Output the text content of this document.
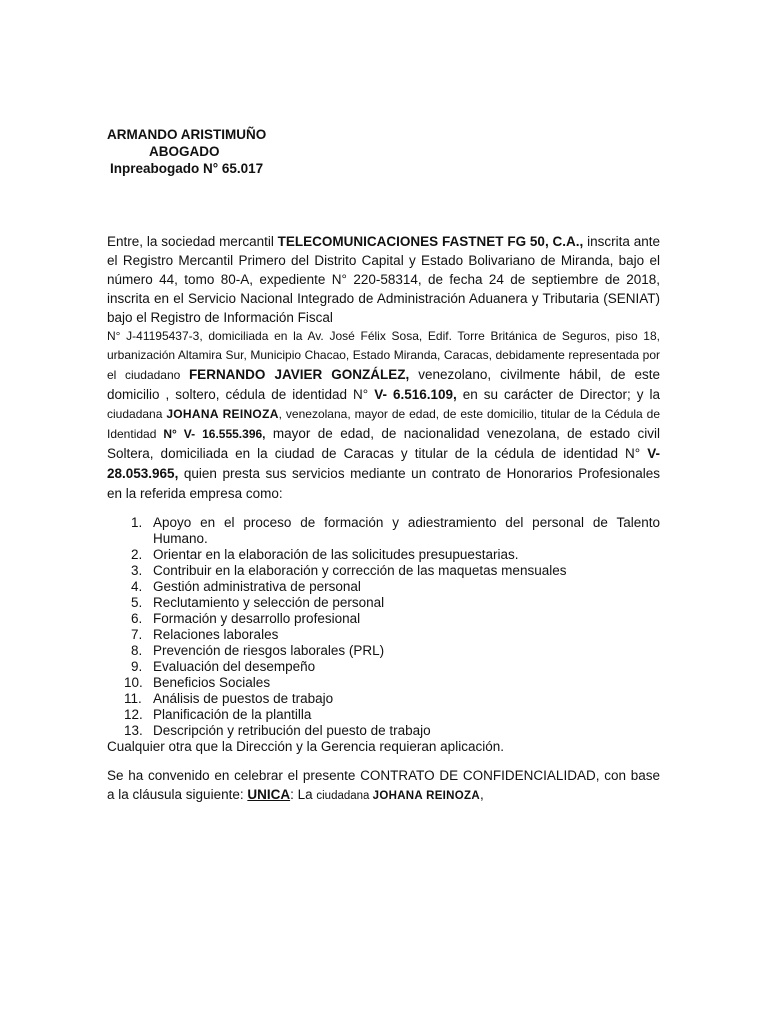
ARMANDO ARISTIMUÑO
ABOGADO
Inpreabogado N° 65.017

Entre, la sociedad mercantil TELECOMUNICACIONES FASTNET FG 50, C.A., inscrita ante el Registro Mercantil Primero del Distrito Capital y Estado Bolivariano de Miranda, bajo el número 44, tomo 80-A, expediente N° 220-58314, de fecha 24 de septiembre de 2018, inscrita en el Servicio Nacional Integrado de Administración Aduanera y Tributaria (SENIAT) bajo el Registro de Información Fiscal

N° J-41195437-3, domiciliada en la Av. José Félix Sosa, Edif. Torre Británica de Seguros, piso 18, urbanización Altamira Sur, Municipio Chacao, Estado Miranda, Caracas, debidamente representada por el ciudadano FERNANDO JAVIER GONZÁLEZ, venezolano, civilmente hábil, de este domicilio , soltero, cédula de identidad N° V- 6.516.109, en su carácter de Director; y la ciudadana JOHANA REINOZA, venezolana, mayor de edad, de este domicilio, titular de la Cédula de Identidad N° V- 16.555.396, mayor de edad, de nacionalidad venezolana, de estado civil Soltera, domiciliada en la ciudad de Caracas y titular de la cédula de identidad N° V- 28.053.965, quien presta sus servicios mediante un contrato de Honorarios Profesionales en la referida empresa como:

1. Apoyo en el proceso de formación y adiestramiento del personal de Talento Humano.
2. Orientar en la elaboración de las solicitudes presupuestarias.
3. Contribuir en la elaboración y corrección de las maquetas mensuales
4. Gestión administrativa de personal
5. Reclutamiento y selección de personal
6. Formación y desarrollo profesional
7. Relaciones laborales
8. Prevención de riesgos laborales (PRL)
9. Evaluación del desempeño
10. Beneficios Sociales
11. Análisis de puestos de trabajo
12. Planificación de la plantilla
13. Descripción y retribución del puesto de trabajo

Cualquier otra que la Dirección y la Gerencia requieran aplicación.

Se ha convenido en celebrar el presente CONTRATO DE CONFIDENCIALIDAD, con base a la cláusula siguiente: UNICA: La ciudadana JOHANA REINOZA,
